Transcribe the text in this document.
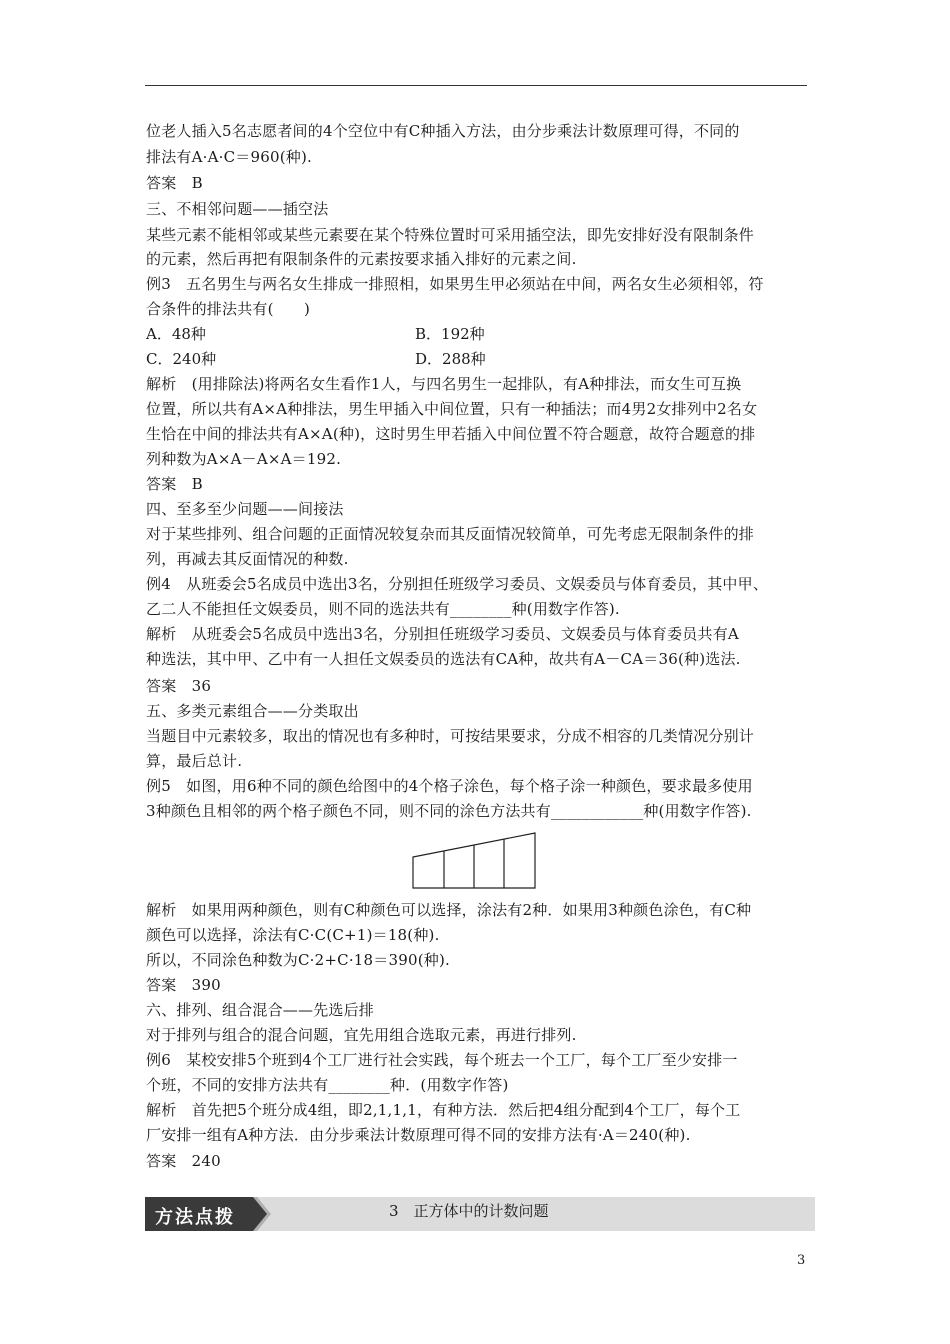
位老人插入5名志愿者间的4个空位中有C种插入方法，由分步乘法计数原理可得，不同的
排法有A·A·C＝960(种).
答案　B
三、不相邻问题——插空法
某些元素不能相邻或某些元素要在某个特殊位置时可采用插空法，即先安排好没有限制条件
的元素，然后再把有限制条件的元素按要求插入排好的元素之间.
例3　五名男生与两名女生排成一排照相，如果男生甲必须站在中间，两名女生必须相邻，符
合条件的排法共有(　　)
A．48种	B．192种
C．240种	D．288种
解析　(用排除法)将两名女生看作1人，与四名男生一起排队，有A种排法，而女生可互换
位置，所以共有A×A种排法，男生甲插入中间位置，只有一种插法；而4男2女排列中2名女
生恰在中间的排法共有A×A(种)，这时男生甲若插入中间位置不符合题意，故符合题意的排
列种数为A×A－A×A＝192.
答案　B
四、至多至少问题——间接法
对于某些排列、组合问题的正面情况较复杂而其反面情况较简单，可先考虑无限制条件的排
列，再减去其反面情况的种数.
例4　从班委会5名成员中选出3名，分别担任班级学习委员、文娱委员与体育委员，其中甲、
乙二人不能担任文娱委员，则不同的选法共有________种(用数字作答).
解析　从班委会5名成员中选出3名，分别担任班级学习委员、文娱委员与体育委员共有A
种选法，其中甲、乙中有一人担任文娱委员的选法有CA种，故共有A－CA＝36(种)选法.
答案　36
五、多类元素组合——分类取出
当题目中元素较多，取出的情况也有多种时，可按结果要求，分成不相容的几类情况分别计
算，最后总计.
例5　如图，用6种不同的颜色给图中的4个格子涂色，每个格子涂一种颜色，要求最多使用
3种颜色且相邻的两个格子颜色不同，则不同的涂色方法共有____________种(用数字作答).
解析　如果用两种颜色，则有C种颜色可以选择，涂法有2种．如果用3种颜色涂色，有C种
颜色可以选择，涂法有C·C(C+1)＝18(种).
所以，不同涂色种数为C·2+C·18＝390(种).
答案　390
六、排列、组合混合——先选后排
对于排列与组合的混合问题，宜先用组合选取元素，再进行排列.
例6　某校安排5个班到4个工厂进行社会实践，每个班去一个工厂，每个工厂至少安排一
个班，不同的安排方法共有________种．(用数字作答)
解析　首先把5个班分成4组，即2,1,1,1，有种方法．然后把4组分配到4个工厂，每个工
厂安排一组有A种方法．由分步乘法计数原理可得不同的安排方法有·A＝240(种).
答案　240
方法点拨	3　正方体中的计数问题
3
